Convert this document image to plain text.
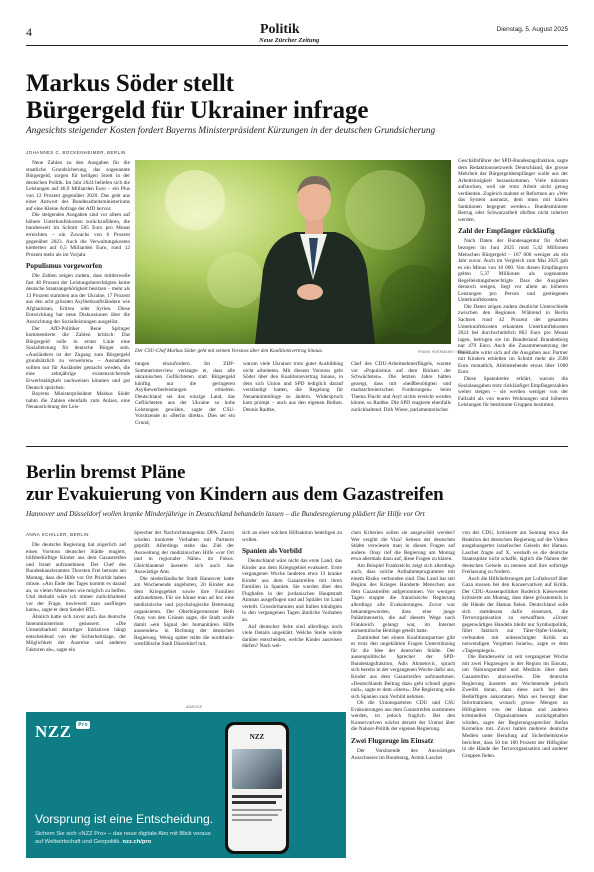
4	Politik
Neue Zürcher Zeitung
Dienstag, 5. August 2025
Markus Söder stellt
Bürgergeld für Ukrainer infrage
Angesichts steigender Kosten fordert Bayerns Ministerpräsident Kürzungen in der deutschen Grundsicherung
JOHANNES C. BOCKENHEIMER, BERLIN

Neue Zahlen zu den Ausgaben für die staatliche Grundsicherung, das sogenannte Bürgergeld, sorgen für helligen Streit in der deutschen Politik. Im Jahr 2024 beliefen sich die Leistungen auf 46,9 Milliarden Euro – ein Plus von 12 Prozent gegenüber 2020. Das geht aus einer Antwort des Bundesarbeitsministeriums auf eine Kleine Anfrage der AfD hervor.

Die steigenden Ausgaben sind vor allem auf höhere Unterkunftskosten zurückzuführen, die bundesweit im Schnitt 585 Euro pro Monat erreichten – ein Zuwachs von 6 Prozent gegenüber 2023. Auch die Verwaltungskosten kletterten auf 6,5 Milliarden Euro, rund 12 Prozent mehr als im Vorjahr.

Populismus vorgeworfen

Die Zahlen zeigen zudem, dass mittlerweile fast 48 Prozent der Leistungsberechtigten keine deutsche Staatsangehörigkeit besitzen – mehr als 13 Prozent stammen aus der Ukraine, 17 Prozent aus den acht grössten Asylherkunftsländern wie Afghanistan, Eritrea oder Syrien. Diese Entwicklung hat neue Diskussionen über die Ausrichtung der Sozialleistungen ausgelöst.

Der AfD-Politiker René Springer kommentierte die Zahlen kritisch: Das Bürgergeld solle in erster Linie eine Sozialleistung für deutsche Bürger sein. «Ausländern ist der Zugang zum Bürgergeld grundsätzlich zu verwehren» – Ausnahmen sollten nur für Ausländer gemacht werden, die eine zehnjährige existenzsichernde Erwerbstätigkeit nachweisen könnten und gut Deutsch sprächen.

Bayerns Ministerpräsident Markus Söder nahm die Zahlen ebenfalls zum Anlass, eine Neuausrichtung der Leis-

Der CSU-Chef Markus Söder geht mit seinem Vorstoss über den Koalitionsvertrag hinaus.	FRANK HOERMANN / IMAGO

tungen einzufordern. Im ZDF-Sommerinterview verlangte er, dass alle ukrainischen Geflüchteten statt Bürgergeld künftig nur die geringeren Asylbewerberleistungen erhielten. Deutschland sei das einzige Land, das Geflüchteten aus der Ukraine so hohe Leistungen gewähre, sagte der CSU-Vorsitzende in «Berlin direkt». Dies sei ein Grund,

warum viele Ukrainer trotz guter Ausbildung nicht arbeiteten. Mit diesem Vorstoss geht Söder über den Koalitionsvertrag hinaus, in dem sich Union und SPD lediglich darauf verständigt hatten, die Regelung für Neuankömmlinge zu ändern. Widerspruch kam prompt – auch aus den eigenen Reihen. Dennis Radtke,

Chef des CDU-Arbeitnehmerflügels, warnte vor «Populismus auf dem Rücken der Schwächsten». Die letzten Jahre hätten gezeigt, dass mit «heißbenötigten und marktschreierischen Forderungen» beim Thema Flucht und Asyl nichts erreicht werden könne, so Radtke. Die SPD reagierte ebenfalls zurückhaltend. Dirk Wiese, parlamentarischer

Geschäftsführer der SPD-Bundestagsfraktion, sagte dem Redaktionsnetzwerk Deutschland, die grosse Mehrheit der Bürgergeldempfänger wolle aus der Arbeitslosigkeit herauskommen. Viele müssten aufstocken, weil sie trotz Arbeit nicht genug verdienten. Zugleich mahnte er Reformen an: «Wer das System ausnutzt, dem muss mit klaren Sanktionen begegnet werden.» Bundesminister Betrug oder Schwarzarbeit dürften nicht toleriert werden.

Zahl der Empfänger rückläufig

Nach Daten der Bundesagentur für Arbeit bezogen im Juni 2025 rund 5,42 Millionen Menschen Bürgergeld – 167 000 weniger als ein Jahr zuvor. Auch im Vergleich zum Mai 2025 gab es ein Minus von 16 000. Von diesen Empfängern gelten 5,37 Millionen als sogenannte Regelleistungsberechtigte. Dass die Ausgaben dennoch steigen, liegt vor allem an höheren Leistungen pro Person und gestiegenen Unterkunftskosten.

Die Daten zeigen zudem deutliche Unterschiede zwischen den Regionen. Während in Berlin Sachsen rund 42 Prozent der gesamten Unterkunftskosten erkannten Unterkunftskosten 2024 bei durchschnittlich 802 Euro pro Monat lagen, betrugen sie im Bundesland Brandenburg nur 479 Euro. Auch die Zusammensetzung der Haushalte wirkt sich auf die Ausgaben aus: Partner mit Kindern erhielten im Schnitt mehr als 2500 Euro monatlich, Alleinstehende etwas über 1000 Euro.

Diese Spannbreite erklärt, warum die Sozialausgaben trotz rückläufiger Empfängerzahlen weiter steigen – sie werden weniger von der Fallzahl als von teuren Wohnungen und höheren Leistungen für bestimmte Gruppen bestimmt.

Berlin bremst Pläne
zur Evakuierung von Kindern aus dem Gazastreifen
Hannover und Düsseldorf wollen kranke Minderjährige in Deutschland behandeln lassen – die Bundesregierung plädiert für Hilfe vor Ort
ANNA SCHILLER, BERLIN

Die deutsche Regierung hat zögerlich auf einen Vorstoss deutscher Städte reagiert, hilfsbedürftige Kinder aus dem Gazastreifen und Israel aufzunehmen. Der Chef des Bundeskanzleramtes Thorsten Frei betonte am Montag, dass die Hilfe vor Ort Priorität haben müsse. «Am Ende des Tages kommt es darauf an, so vielen Menschen wie möglich zu helfen. Und deshalb wäre ich immer zurückhaltend vor der Frage, inwieweit man ausfliegen kann», sagte er dem Sender RTL.

Ähnlich hatte sich zuvor auch das deutsche Innenministerium geäussert. «Die Umsetzbarkeit derartiger Initiativen hängt entscheidend von der Sicherheitslage, der Möglichkeit der Ausreise und anderen Faktoren ab», sagte ein

Sprecher der Nachrichtenagentur DPA. Zuerst würden konkrete Vorhaben mit Partnern geprüft. Allerdings stehe das Ziel der Ausweitung der medizinischen Hilfe «vor Ort und in regionaler Nähe» im Fokus. Gleichlautend äusserte sich auch das Auswärtige Amt.

Die niederländische Stadt Hannover hatte am Wochenende angeboten, 20 Kinder aus dem Kriegsgebiet sowie ihre Familien aufzunehmen. Für sie könne man ad hoc eine medizinische und psychologische Betreuung organisieren. Der Oberbürgermeister Belit Onay von den Grünen sagte, die Stadt wolle damit «ein Signal der humanitären Hilfe aussenden» in Richtung der deutschen Regierung. Wenig später teilte die nordrhein-westfälische Stadt Düsseldorf mit,

sich an einer solchen Hilfsaktion beteiligen zu wollen.

Spanien als Vorbild

Deutschland wäre nicht das erste Land, das Kinder aus dem Kriegsgebiet evakuiert. Erste vergangener Woche landeten etwa 13 kranke Kinder aus dem Gazastreifen mit ihren Familien in Spanien. Sie wurden über den Flughafen in der jordanischen Hauptstadt Amman ausgeflogen und auf Spitäler im Land verteilt. Grossbritannien und Italien kündigten in den vergangenen Tagen ähnliche Vorhaben an.

Auf deutscher Seite sind allerdings noch viele Details ungeklärt. Welche Stelle würde darüber entscheiden, welche Kinder ausreisen dürfen? Nach wel-

chen Kriterien sollen sie ausgewählt werden? Wer vergibt die Visa? Seitens der deutschen Städte verwiesen man in diesen Fragen auf andere. Onay rief die Regierung am Montag etwa abermals dazu auf, diese Fragen zu klären.

Am Beispiel Frankreichs zeigt sich allerdings auch, dass solche Aufnahmeprogramme mit einem Risiko verbunden sind. Das Land hat seit Beginn des Krieges Hunderte Menschen aus dem Gazastreifen aufgenommen. Vor wenigen Tagen stoppte die französische Regierung allerdings alle Evakuierungen. Zuvor war bekanntgeworden, dass eine junge Palästinenserin, die auf diesem Wege nach Frankreich gelangt war, im Internet antisemitische Beiträge geteilt hatte.

Zumindest bei einem Koalitionspartner gibt es trotz den ungeklärten Fragen Unterstützung für die Idee der deutschen Städte. Der aussenpolitische Sprecher der SPD-Bundestagsfraktion, Adis Ahmetovic, sprach sich bereits in der vergangenen Woche dafür aus, Kinder aus dem Gazastreifen aufzunehmen. «Deutschlands Beitrag dazu geht schnell gegen null», sagte er dem «Stern». Die Regierung solle sich Spanien zum Vorbild nehmen.

Ob die Unionsparteien CDU und CSU Evakuierungen aus dem Gazastreifen zustimmen werden, ist jedoch fraglich. Bei den Konservativen wächst derzeit der Unmut über die Nahost-Politik der eigenen Regierung.

Zwei Flugzeuge im Einsatz

Der Vorsitzende des Auswärtigen Ausschusses im Bundestag, Armin Laschet

von der CDU, kritisierte am Sonntag etwa die Reaktion der deutschen Regierung auf die Videos ausgehungerter israelischer Geiseln der Hamas. Laschet fragte auf X, weshalb es die deutsche Staatsspitze nicht schaffe, täglich die Namen der deutschen Geiseln zu nennen und ihre sofortige Freilassung zu fordern.

Auch die Hilfslieferungen per Luftabwurf über Gaza stossen bei den Konservativen auf Kritik. Der CDU-Aussenpolitiker Roderich Kiesewetter kritisierte am Montag, dass diese grösstenteils in die Hände der Hamas fielen. Deutschland solle sich stattdessen dafür einsetzen, die Terrororganisation zu entwaffnen. «Unser gegenwärtiges Handeln bleibt nur Symbolpolitik, führt faktisch zur Täter-Opfer-Umkehr, verbunden mit unberechtigter Kritik an notwendigen Vorgehen Israels», sagte er dem «Tagesspiegel».

Die Bundeswehr ist seit vergangener Woche mit zwei Flugzeugen in der Region im Einsatz, um Nahrungsmittel und Medizin über dem Gazastreifen abzuwerfen. Die deutsche Regierung äusserte am Wochenende jedoch Zweifel daran, dass diese auch bei den Bedürftigen ankommen. Man sei besorgt über Informationen, wonach grosse Mengen an Hilfsgütern von der Hamas und anderen kriminellen Organisationen zurückgehalten würden, sagte der Regierungssprecher Stefan Kornelius mit. Zuvor hatten mehrere deutsche Medien unter Berufung auf Sicherheitskreise berichtet, dass 50 bis 100 Prozent der Hilfsgüter in die Hände der Terrororganisation und anderer Gruppen fielen.

ANZEIGE
NZZ $^{Pro}$
NZZ
Vorsprung ist eine Entscheidung.
Sichern Sie sich «NZZ Pro» – das neue digitale Abo mit Blick voraus
auf Weltwirtschaft und Geopolitik. nzz.ch/pro
